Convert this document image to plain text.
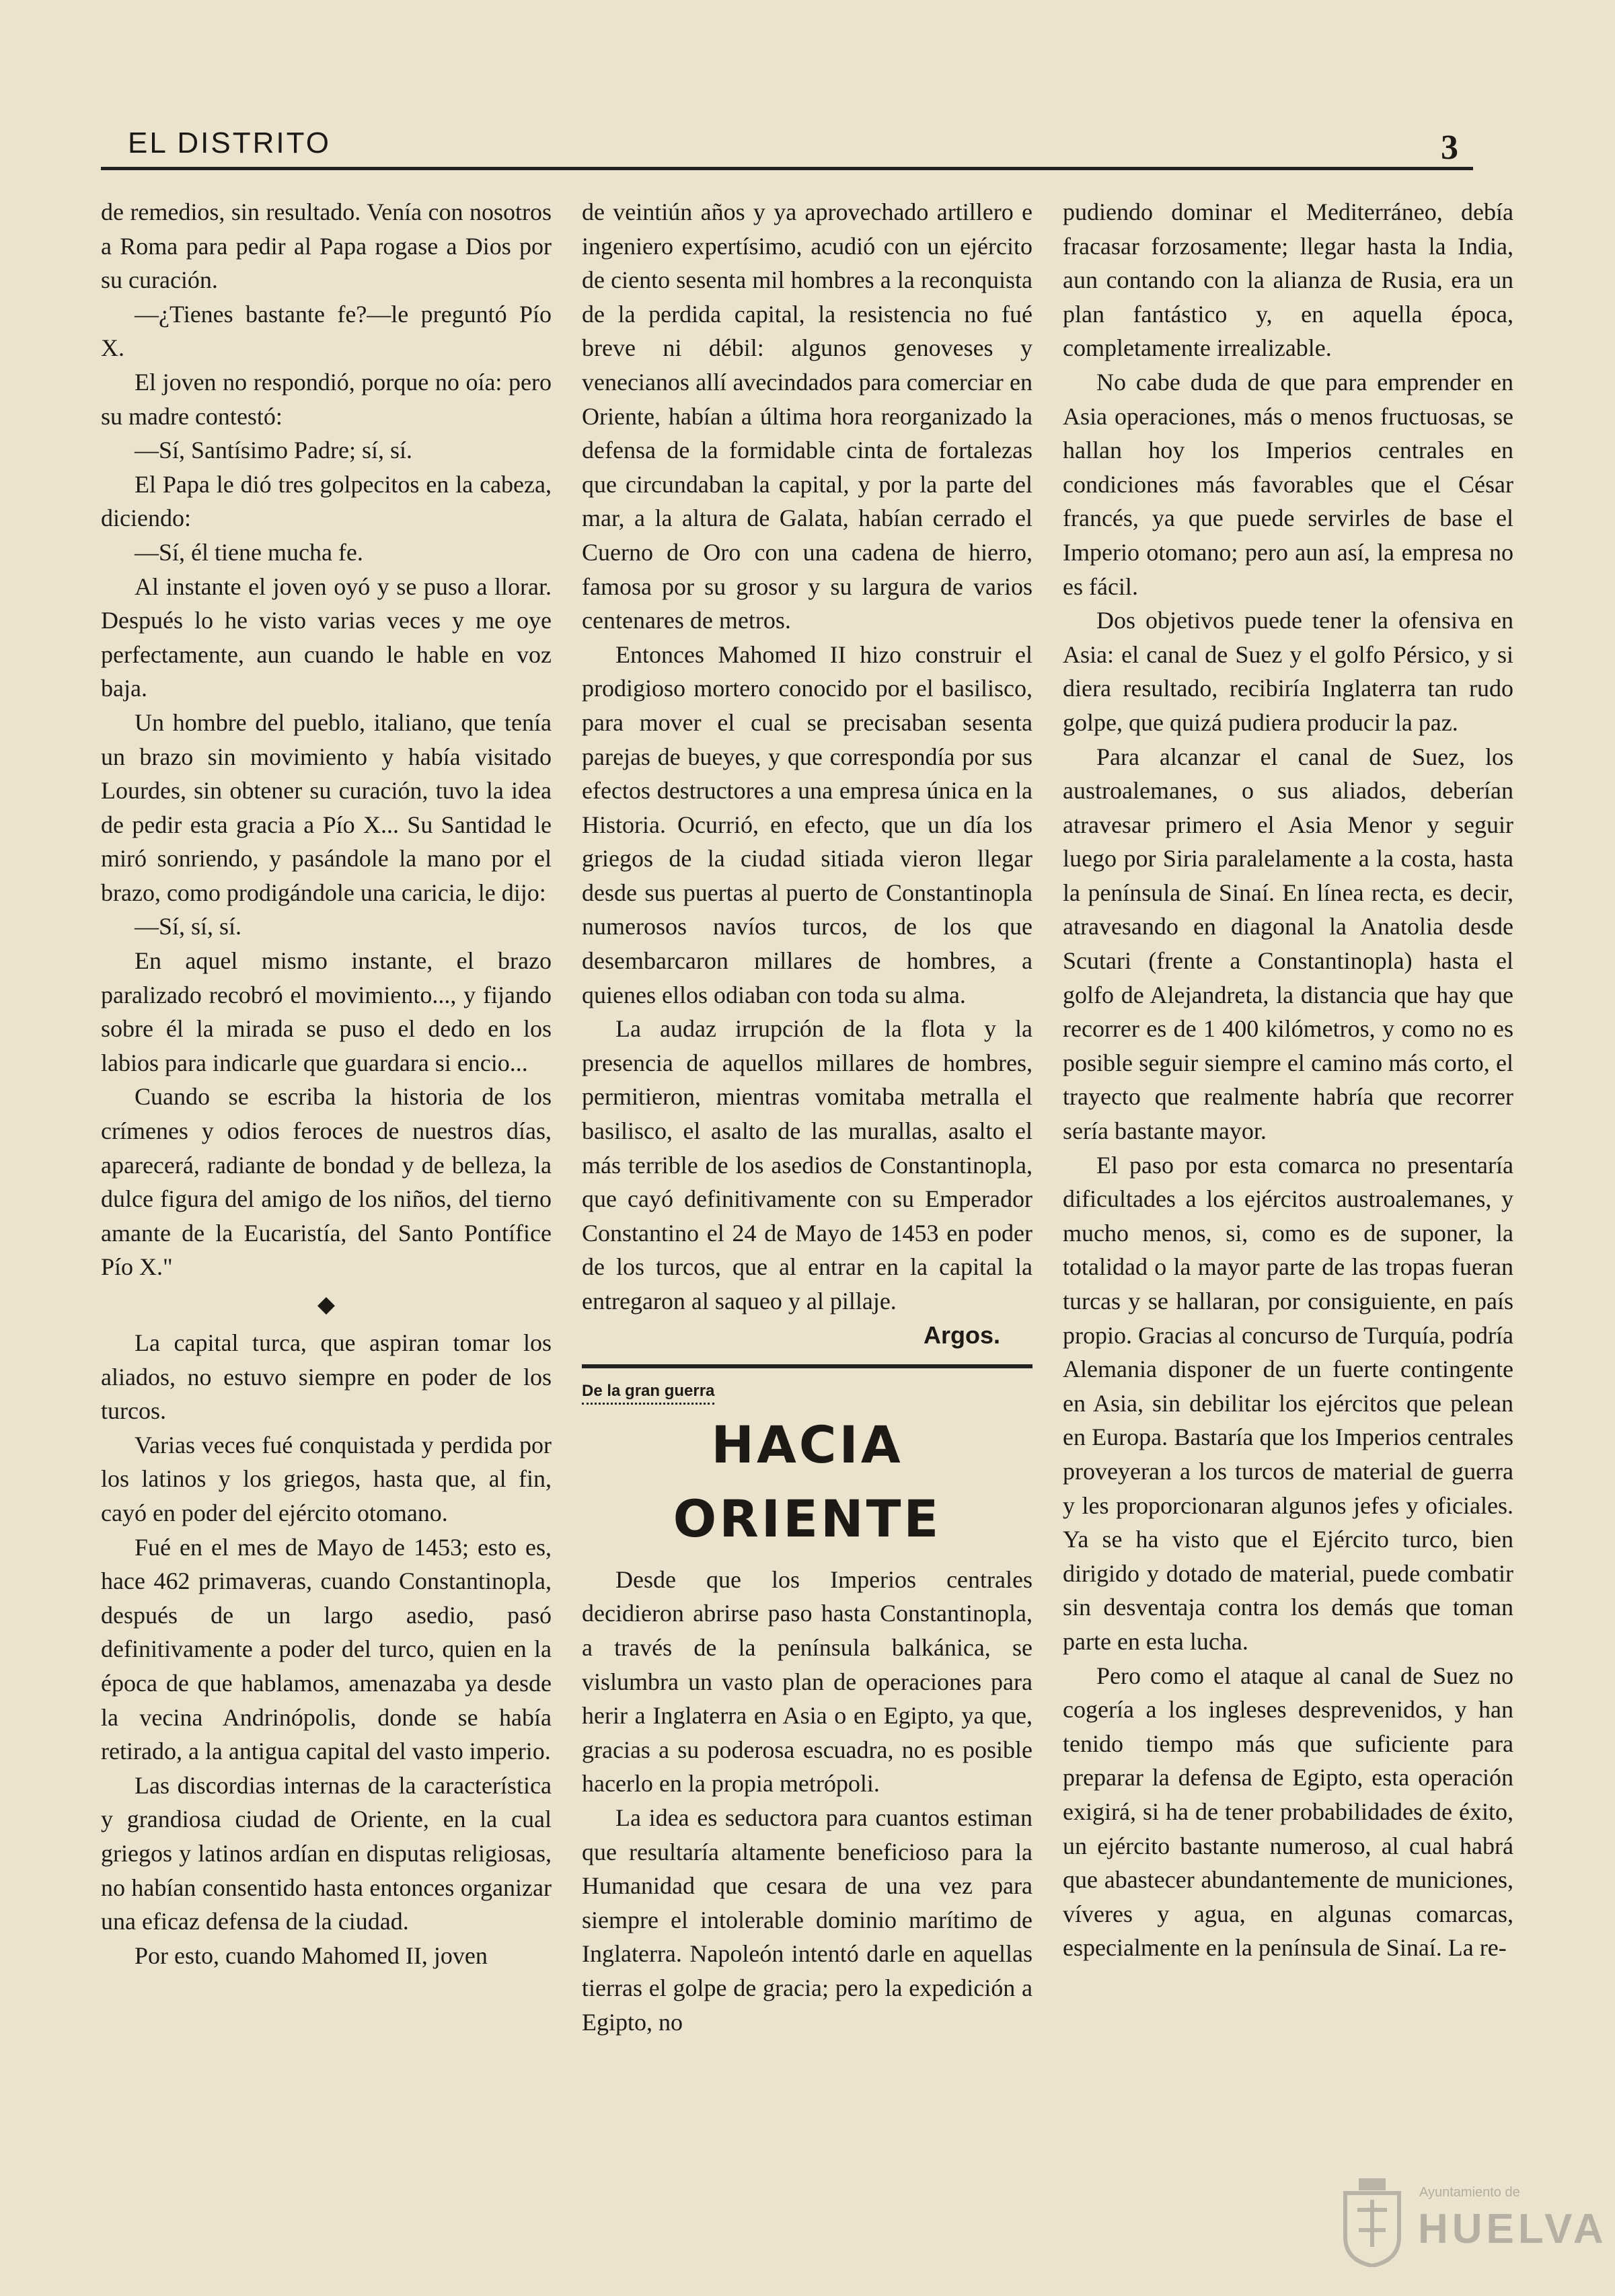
EL DISTRITO	3

de remedios, sin resultado. Venía con nosotros a Roma para pedir al Papa rogase a Dios por su curación.

—¿Tienes bastante fe?—le preguntó Pío X.

El joven no respondió, porque no oía: pero su madre contestó:

—Sí, Santísimo Padre; sí, sí.

El Papa le dió tres golpecitos en la cabeza, diciendo:

—Sí, él tiene mucha fe.

Al instante el joven oyó y se puso a llorar. Después lo he visto varias veces y me oye perfectamente, aun cuando le hable en voz baja.

Un hombre del pueblo, italiano, que tenía un brazo sin movimiento y había visitado Lourdes, sin obtener su curación, tuvo la idea de pedir esta gracia a Pío X... Su Santidad le miró sonriendo, y pasándole la mano por el brazo, como prodigándole una caricia, le dijo:

—Sí, sí, sí.

En aquel mismo instante, el brazo paralizado recobró el movimiento..., y fijando sobre él la mirada se puso el dedo en los labios para indicarle que guardara si encio...

Cuando se escriba la historia de los crímenes y odios feroces de nuestros días, aparecerá, radiante de bondad y de belleza, la dulce figura del amigo de los niños, del tierno amante de la Eucaristía, del Santo Pontífice Pío X."

◆

La capital turca, que aspiran tomar los aliados, no estuvo siempre en poder de los turcos.

Varias veces fué conquistada y perdida por los latinos y los griegos, hasta que, al fin, cayó en poder del ejército otomano.

Fué en el mes de Mayo de 1453; esto es, hace 462 primaveras, cuando Constantinopla, después de un largo asedio, pasó definitivamente a poder del turco, quien en la época de que hablamos, amenazaba ya desde la vecina Andrinópolis, donde se había retirado, a la antigua capital del vasto imperio.

Las discordias internas de la característica y grandiosa ciudad de Oriente, en la cual griegos y latinos ardían en disputas religiosas, no habían consentido hasta entonces organizar una eficaz defensa de la ciudad.

Por esto, cuando Mahomed II, joven

de veintiún años y ya aprovechado artillero e ingeniero expertísimo, acudió con un ejército de ciento sesenta mil hombres a la reconquista de la perdida capital, la resistencia no fué breve ni débil: algunos genoveses y venecianos allí avecindados para comerciar en Oriente, habían a última hora reorganizado la defensa de la formidable cinta de fortalezas que circundaban la capital, y por la parte del mar, a la altura de Galata, habían cerrado el Cuerno de Oro con una cadena de hierro, famosa por su grosor y su largura de varios centenares de metros.

Entonces Mahomed II hizo construir el prodigioso mortero conocido por el basilisco, para mover el cual se precisaban sesenta parejas de bueyes, y que correspondía por sus efectos destructores a una empresa única en la Historia. Ocurrió, en efecto, que un día los griegos de la ciudad sitiada vieron llegar desde sus puertas al puerto de Constantinopla numerosos navíos turcos, de los que desembarcaron millares de hombres, a quienes ellos odiaban con toda su alma.

La audaz irrupción de la flota y la presencia de aquellos millares de hombres, permitieron, mientras vomitaba metralla el basilisco, el asalto de las murallas, asalto el más terrible de los asedios de Constantinopla, que cayó definitivamente con su Emperador Constantino el 24 de Mayo de 1453 en poder de los turcos, que al entrar en la capital la entregaron al saqueo y al pillaje.

Argos.
De la gran guerra
HACIA ORIENTE

Desde que los Imperios centrales decidieron abrirse paso hasta Constantinopla, a través de la península balkánica, se vislumbra un vasto plan de operaciones para herir a Inglaterra en Asia o en Egipto, ya que, gracias a su poderosa escuadra, no es posible hacerlo en la propia metrópoli.

La idea es seductora para cuantos estiman que resultaría altamente beneficioso para la Humanidad que cesara de una vez para siempre el intolerable dominio marítimo de Inglaterra. Napoleón intentó darle en aquellas tierras el golpe de gracia; pero la expedición a Egipto, no

pudiendo dominar el Mediterráneo, debía fracasar forzosamente; llegar hasta la India, aun contando con la alianza de Rusia, era un plan fantástico y, en aquella época, completamente irrealizable.

No cabe duda de que para emprender en Asia operaciones, más o menos fructuosas, se hallan hoy los Imperios centrales en condiciones más favorables que el César francés, ya que puede servirles de base el Imperio otomano; pero aun así, la empresa no es fácil.

Dos objetivos puede tener la ofensiva en Asia: el canal de Suez y el golfo Pérsico, y si diera resultado, recibiría Inglaterra tan rudo golpe, que quizá pudiera producir la paz.

Para alcanzar el canal de Suez, los austroalemanes, o sus aliados, deberían atravesar primero el Asia Menor y seguir luego por Siria paralelamente a la costa, hasta la península de Sinaí. En línea recta, es decir, atravesando en diagonal la Anatolia desde Scutari (frente a Constantinopla) hasta el golfo de Alejandreta, la distancia que hay que recorrer es de 1 400 kilómetros, y como no es posible seguir siempre el camino más corto, el trayecto que realmente habría que recorrer sería bastante mayor.

El paso por esta comarca no presentaría dificultades a los ejércitos austroalemanes, y mucho menos, si, como es de suponer, la totalidad o la mayor parte de las tropas fueran turcas y se hallaran, por consiguiente, en país propio. Gracias al concurso de Turquía, podría Alemania disponer de un fuerte contingente en Asia, sin debilitar los ejércitos que pelean en Europa. Bastaría que los Imperios centrales proveyeran a los turcos de material de guerra y les proporcionaran algunos jefes y oficiales. Ya se ha visto que el Ejército turco, bien dirigido y dotado de material, puede combatir sin desventaja contra los demás que toman parte en esta lucha.

Pero como el ataque al canal de Suez no cogería a los ingleses desprevenidos, y han tenido tiempo más que suficiente para preparar la defensa de Egipto, esta operación exigirá, si ha de tener probabilidades de éxito, un ejército bastante numeroso, al cual habrá que abastecer abundantemente de municiones, víveres y agua, en algunas comarcas, especialmente en la península de Sinaí. La re-

Ayuntamiento de
HUELVA
